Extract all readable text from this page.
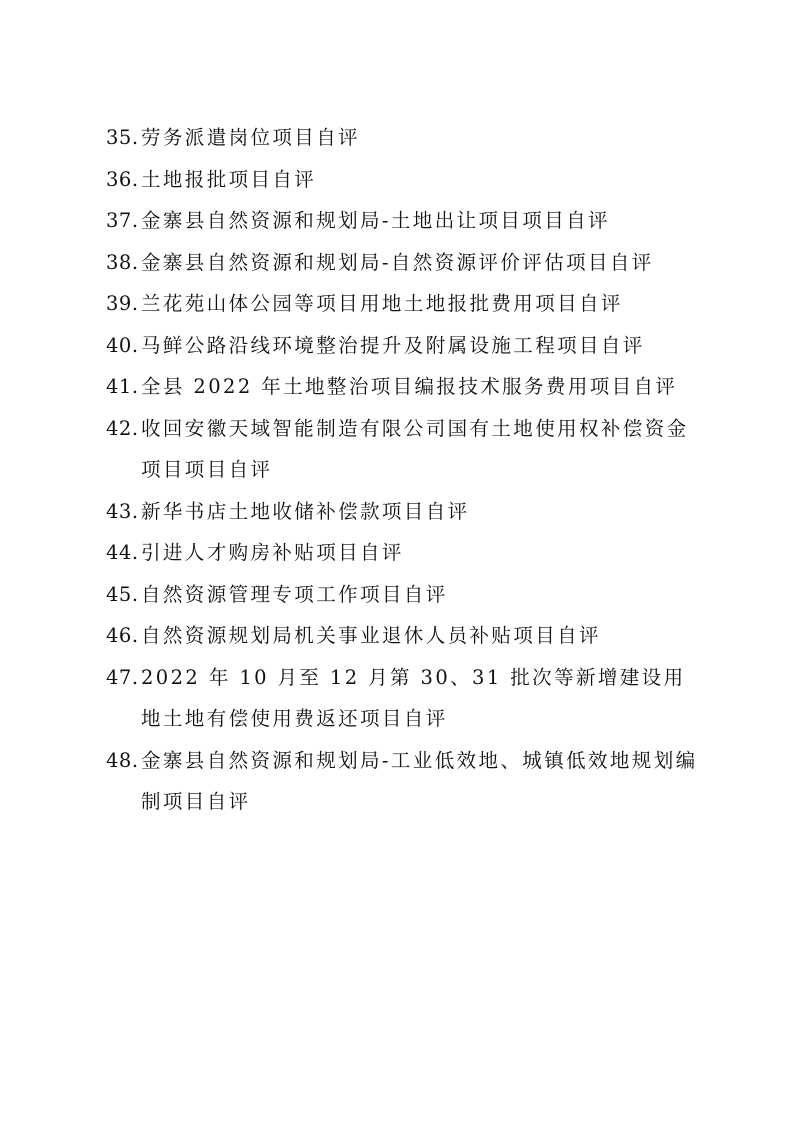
35. 劳务派遣岗位项目自评
36. 土地报批项目自评
37. 金寨县自然资源和规划局-土地出让项目项目自评
38. 金寨县自然资源和规划局-自然资源评价评估项目自评
39. 兰花苑山体公园等项目用地土地报批费用项目自评
40. 马鲜公路沿线环境整治提升及附属设施工程项目自评
41. 全县 2022 年土地整治项目编报技术服务费用项目自评
42. 收回安徽天域智能制造有限公司国有土地使用权补偿资金项目项目自评
43. 新华书店土地收储补偿款项目自评
44. 引进人才购房补贴项目自评
45. 自然资源管理专项工作项目自评
46. 自然资源规划局机关事业退休人员补贴项目自评
47. 2022 年 10 月至 12 月第 30、31 批次等新增建设用地土地有偿使用费返还项目自评
48. 金寨县自然资源和规划局-工业低效地、城镇低效地规划编制项目自评
